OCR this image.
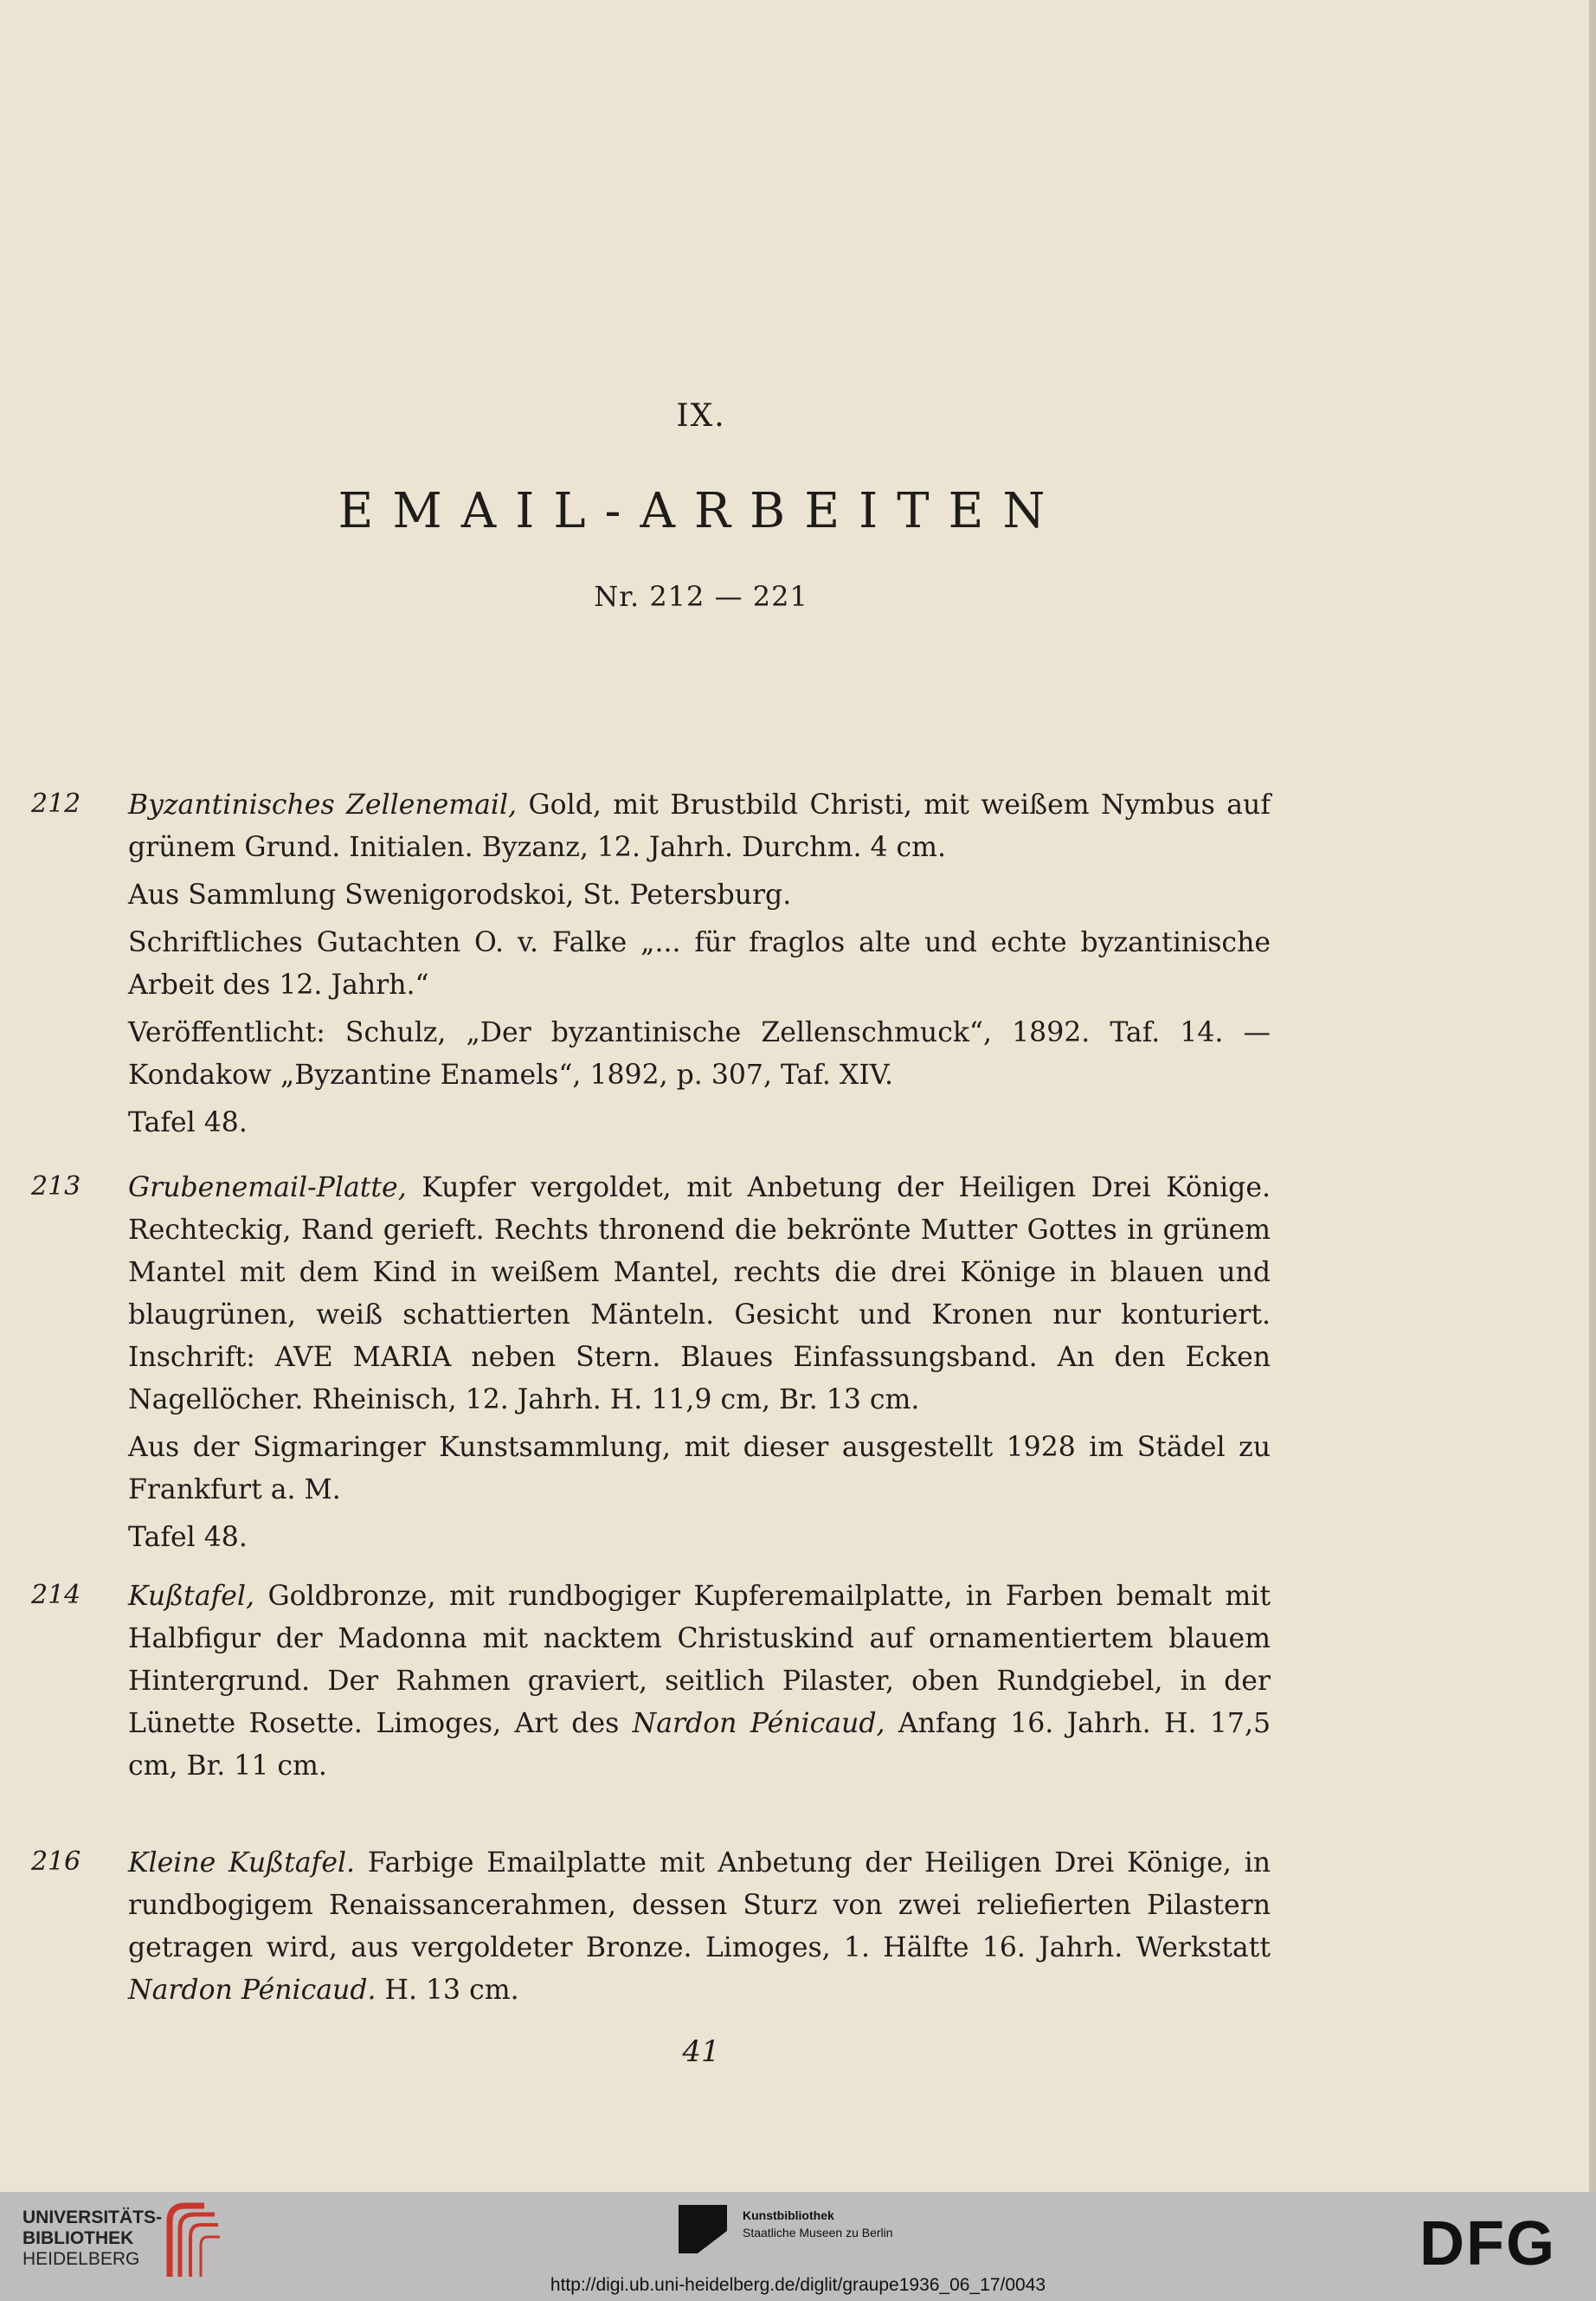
IX.
EMAIL-ARBEITEN
Nr. 212 — 221
212 Byzantinisches Zellenemail, Gold, mit Brustbild Christi, mit weißem Nymbus auf grünem Grund. Initialen. Byzanz, 12. Jahrh. Durchm. 4 cm.

Aus Sammlung Swenigorodskoi, St. Petersburg.

Schriftliches Gutachten O. v. Falke „... für fraglos alte und echte byzantinische Arbeit des 12. Jahrh.“

Veröffentlicht: Schulz, „Der byzantinische Zellenschmuck“, 1892. Taf. 14. — Kondakow „Byzantine Enamels“, 1892, p. 307, Taf. XIV.

Tafel 48.

213 Grubenemail-Platte, Kupfer vergoldet, mit Anbetung der Heiligen Drei Könige. Rechteckig, Rand gerieft. Rechts thronend die bekrönte Mutter Gottes in grünem Mantel mit dem Kind in weißem Mantel, rechts die drei Könige in blauen und blaugrünen, weiß schattierten Mänteln. Gesicht und Kronen nur konturiert. Inschrift: AVE MARIA neben Stern. Blaues Einfassungsband. An den Ecken Nagellöcher. Rheinisch, 12. Jahrh. H. 11,9 cm, Br. 13 cm.

Aus der Sigmaringer Kunstsammlung, mit dieser ausgestellt 1928 im Städel zu Frankfurt a. M.

Tafel 48.

214 Kußtafel, Goldbronze, mit rundbogiger Kupferemailplatte, in Farben bemalt mit Halbfigur der Madonna mit nacktem Christuskind auf ornamentiertem blauem Hintergrund. Der Rahmen graviert, seitlich Pilaster, oben Rundgiebel, in der Lünette Rosette. Limoges, Art des Nardon Pénicaud, Anfang 16. Jahrh. H. 17,5 cm, Br. 11 cm.

216 Kleine Kußtafel. Farbige Emailplatte mit Anbetung der Heiligen Drei Könige, in rundbogigem Renaissancerahmen, dessen Sturz von zwei reliefierten Pilastern getragen wird, aus vergoldeter Bronze. Limoges, 1. Hälfte 16. Jahrh. Werkstatt Nardon Pénicaud. H. 13 cm.

41
UNIVERSITÄTS-
BIBLIOTHEK
HEIDELBERG
Kunstbibliothek
Staatliche Museen zu Berlin	DFG
http://digi.ub.uni-heidelberg.de/diglit/graupe1936_06_17/0043
